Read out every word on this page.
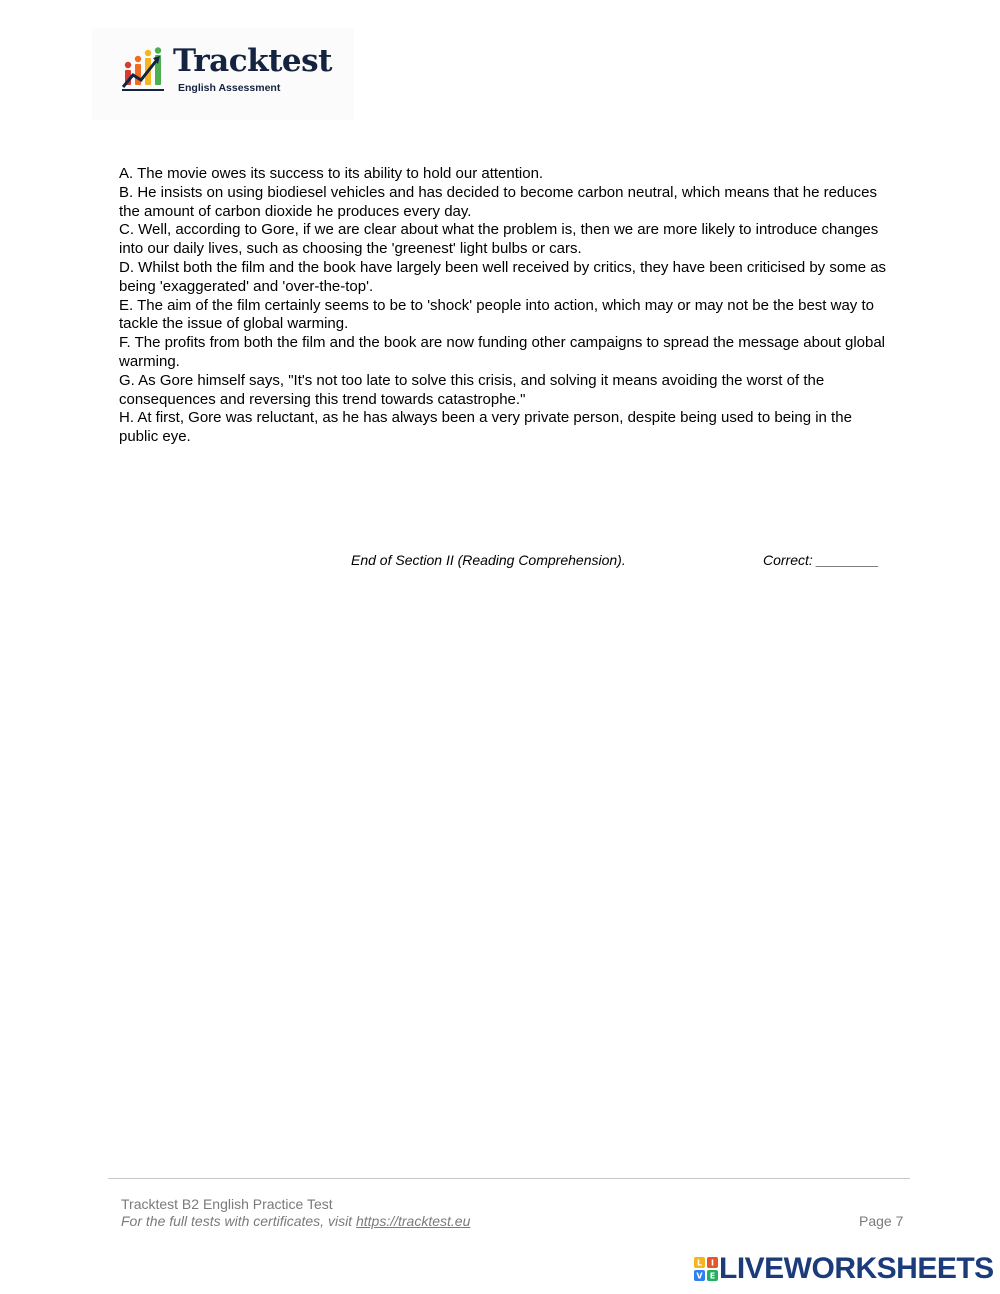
Tracktest
English Assessment

A. The movie owes its success to its ability to hold our attention.

B. He insists on using biodiesel vehicles and has decided to become carbon neutral, which means that he reduces the amount of carbon dioxide he produces every day.

C. Well, according to Gore, if we are clear about what the problem is, then we are more likely to introduce changes into our daily lives, such as choosing the 'greenest' light bulbs or cars.

D. Whilst both the film and the book have largely been well received by critics, they have been criticised by some as being 'exaggerated' and 'over-the-top'.

E. The aim of the film certainly seems to be to 'shock' people into action, which may or may not be the best way to tackle the issue of global warming.

F. The profits from both the film and the book are now funding other campaigns to spread the message about global warming.

G. As Gore himself says, "It's not too late to solve this crisis, and solving it means avoiding the worst of the consequences and reversing this trend towards catastrophe."

H. At first, Gore was reluctant, as he has always been a very private person, despite being used to being in the public eye.

End of Section II (Reading Comprehension).	Correct: ________
Tracktest B2 English Practice Test
For the full tests with certificates, visit https://tracktest.eu	Page 7
L I
V E LIVEWORKSHEETS
